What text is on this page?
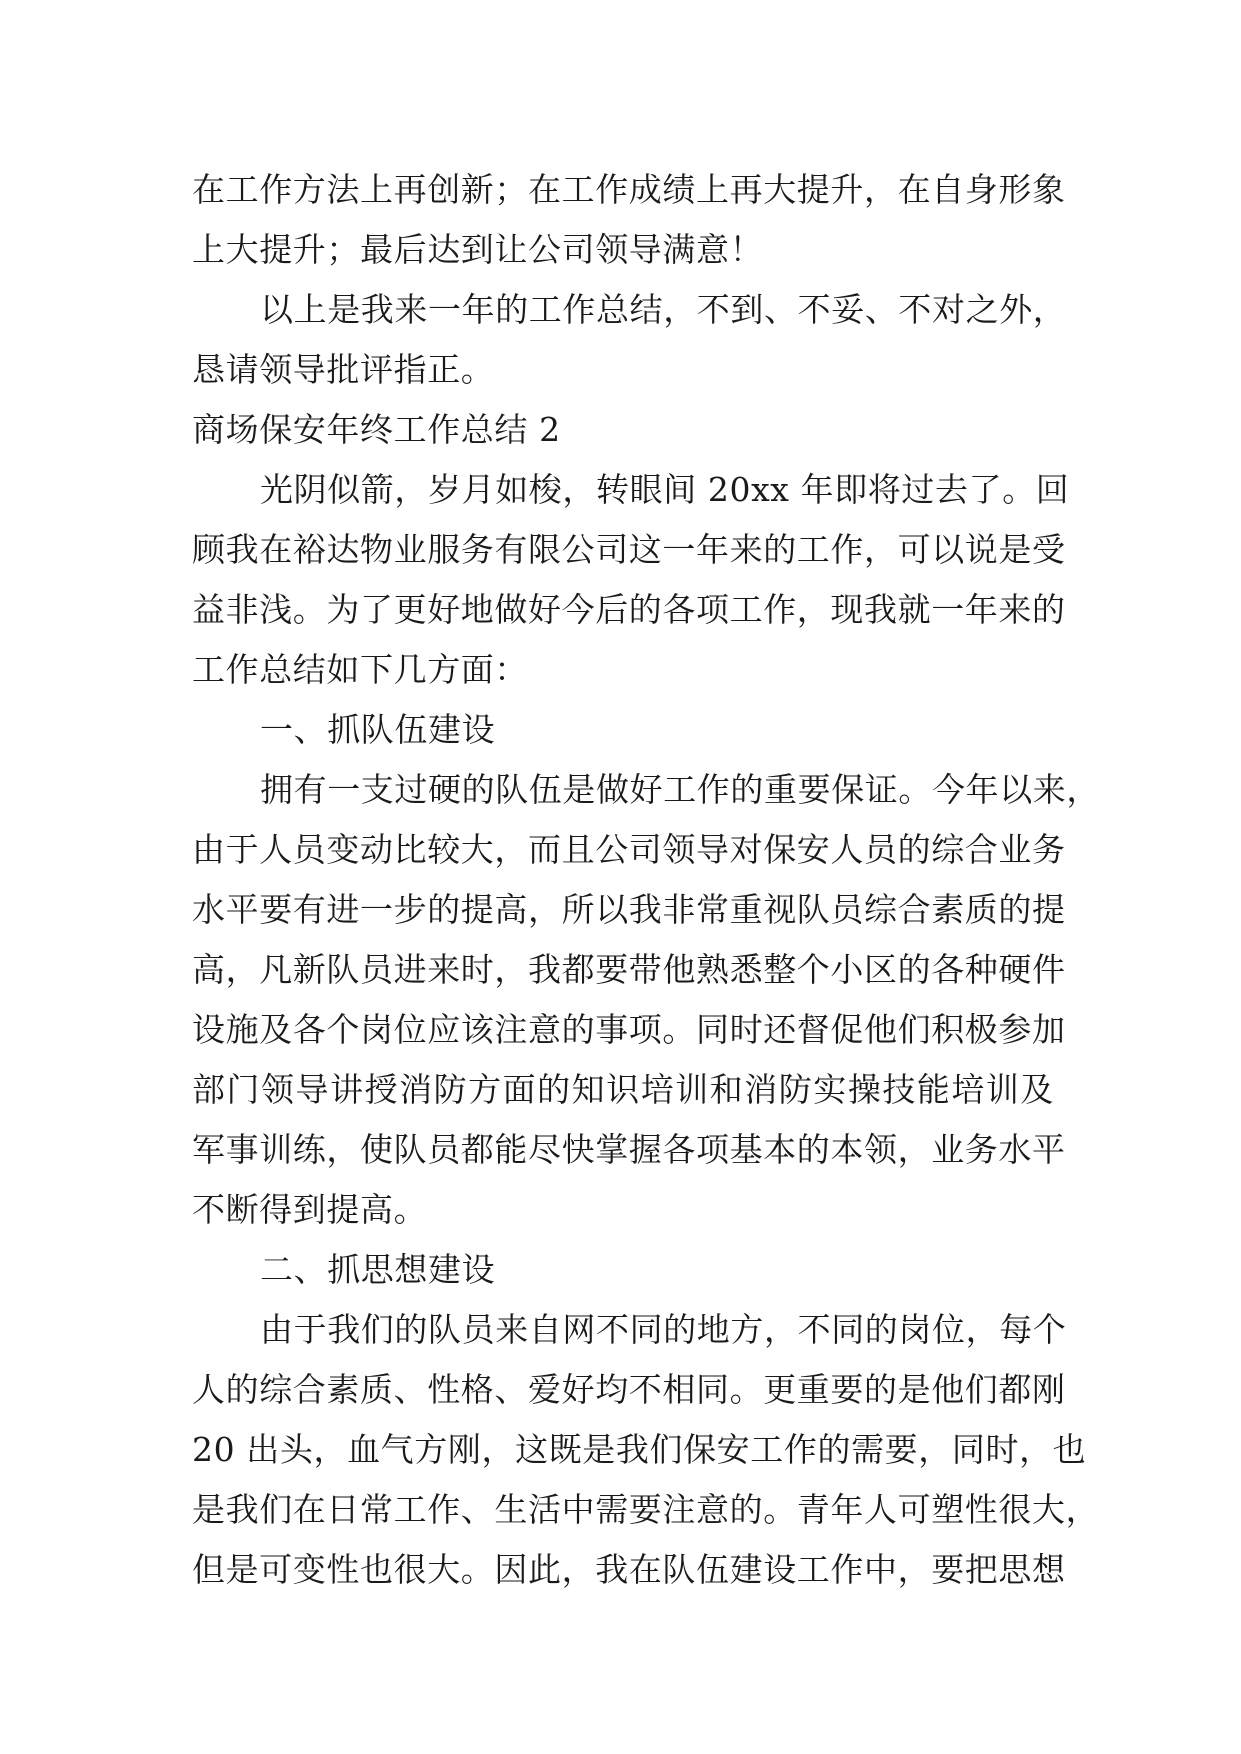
在工作方法上再创新；在工作成绩上再大提升，在自身形象
上大提升；最后达到让公司领导满意！
以上是我来一年的工作总结，不到、不妥、不对之外，
恳请领导批评指正。
商场保安年终工作总结 2
光阴似箭，岁月如梭，转眼间 20xx 年即将过去了。回
顾我在裕达物业服务有限公司这一年来的工作，可以说是受
益非浅。为了更好地做好今后的各项工作，现我就一年来的
工作总结如下几方面：
一、抓队伍建设
拥有一支过硬的队伍是做好工作的重要保证。今年以来，
由于人员变动比较大，而且公司领导对保安人员的综合业务
水平要有进一步的提高，所以我非常重视队员综合素质的提
高，凡新队员进来时，我都要带他熟悉整个小区的各种硬件
设施及各个岗位应该注意的事项。同时还督促他们积极参加
部门领导讲授消防方面的知识培训和消防实操技能培训及
军事训练，使队员都能尽快掌握各项基本的本领，业务水平
不断得到提高。
二、抓思想建设
由于我们的队员来自网不同的地方，不同的岗位，每个
人的综合素质、性格、爱好均不相同。更重要的是他们都刚
20 出头，血气方刚，这既是我们保安工作的需要，同时，也
是我们在日常工作、生活中需要注意的。青年人可塑性很大，
但是可变性也很大。因此，我在队伍建设工作中，要把思想
